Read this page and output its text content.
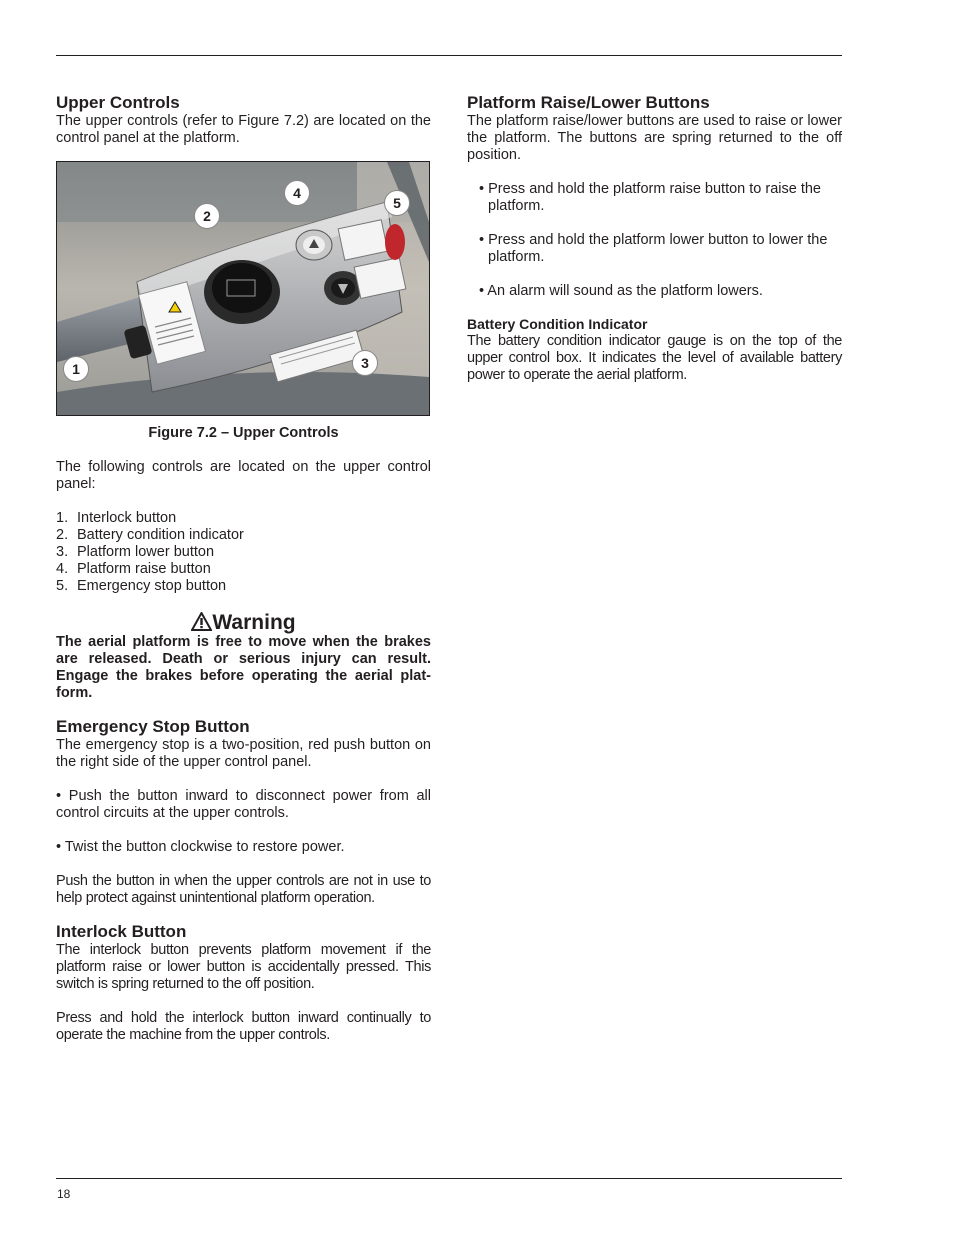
Upper Controls

The upper controls (refer to Figure 7.2) are located on the control panel at the platform.

1
2
3
4
5
Figure 7.2 – Upper Controls

The following controls are located on the upper control panel:

1. Interlock button
2. Battery condition indicator
3. Platform lower button
4. Platform raise button
5. Emergency stop button
Warning
The aerial platform is free to move when the brakes are released. Death or serious injury can result. Engage the brakes before operating the aerial plat-form.
Emergency Stop Button

The emergency stop is a two-position, red push button on the right side of the upper control panel.

• Push the button inward to disconnect power from all control circuits at the upper controls.

• Twist the button clockwise to restore power.

Push the button in when the upper controls are not in use to help protect against unintentional platform operation.

Interlock Button

The interlock button prevents platform movement if the platform raise or lower button is accidentally pressed. This switch is spring returned to the off position.

Press and hold the interlock button inward continually to operate the machine from the upper controls.

Platform Raise/Lower Buttons

The platform raise/lower buttons are used to raise or lower the platform. The buttons are spring returned to the off position.

• Press and hold the platform raise button to raise the platform.

• Press and hold the platform lower button to lower the platform.

• An alarm will sound as the platform lowers.

Battery Condition Indicator

The battery condition indicator gauge is on the top of the upper control box. It indicates the level of available battery power to operate the aerial platform.

18
